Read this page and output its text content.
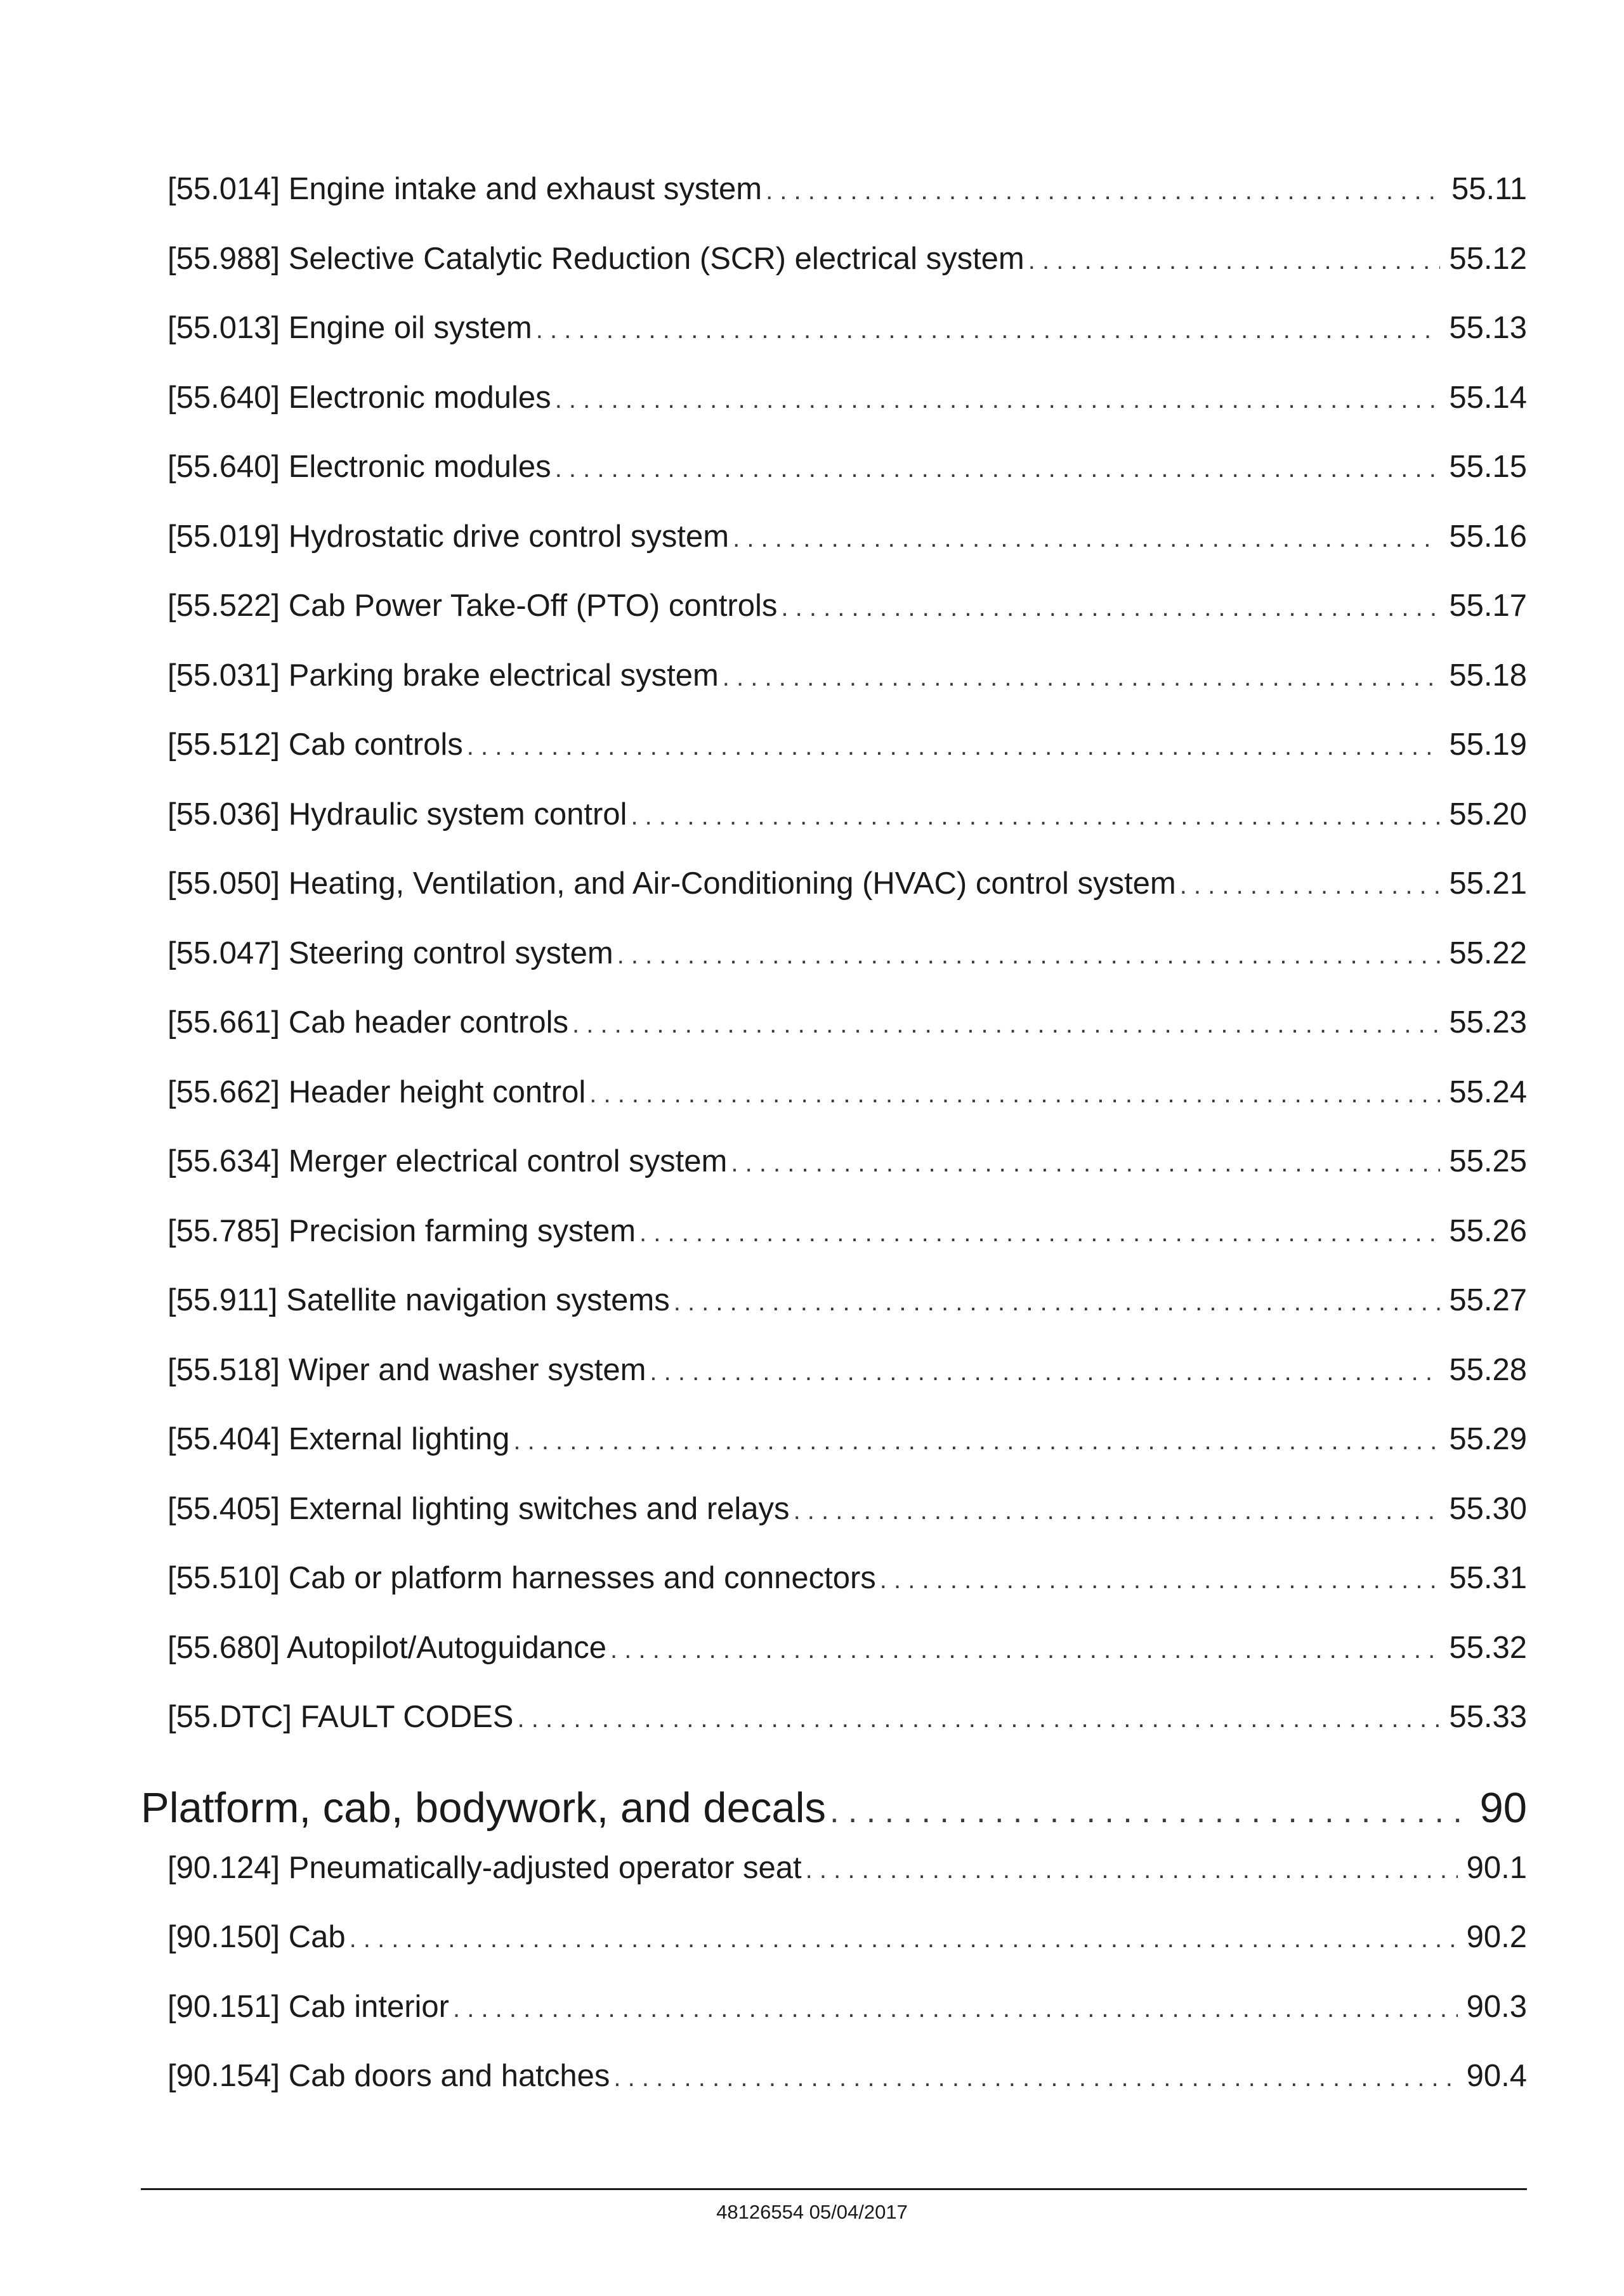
[55.014] Engine intake and exhaust system . . .	55.11
[55.988] Selective Catalytic Reduction (SCR) electrical system . . .	55.12
[55.013] Engine oil system . . .	55.13
[55.640] Electronic modules . . .	55.14
[55.640] Electronic modules . . .	55.15
[55.019] Hydrostatic drive control system . . .	55.16
[55.522] Cab Power Take-Off (PTO) controls . . .	55.17
[55.031] Parking brake electrical system . . .	55.18
[55.512] Cab controls . . .	55.19
[55.036] Hydraulic system control . . .	55.20
[55.050] Heating, Ventilation, and Air-Conditioning (HVAC) control system . . .	55.21
[55.047] Steering control system . . .	55.22
[55.661] Cab header controls . . .	55.23
[55.662] Header height control . . .	55.24
[55.634] Merger electrical control system . . .	55.25
[55.785] Precision farming system . . .	55.26
[55.911] Satellite navigation systems . . .	55.27
[55.518] Wiper and washer system . . .	55.28
[55.404] External lighting . . .	55.29
[55.405] External lighting switches and relays . . .	55.30
[55.510] Cab or platform harnesses and connectors . . .	55.31
[55.680] Autopilot/Autoguidance . . .	55.32
[55.DTC] FAULT CODES . . .	55.33
Platform, cab, bodywork, and decals . . .	90
[90.124] Pneumatically-adjusted operator seat . . .	90.1
[90.150] Cab . . .	90.2
[90.151] Cab interior . . .	90.3
[90.154] Cab doors and hatches . . .	90.4
48126554 05/04/2017
